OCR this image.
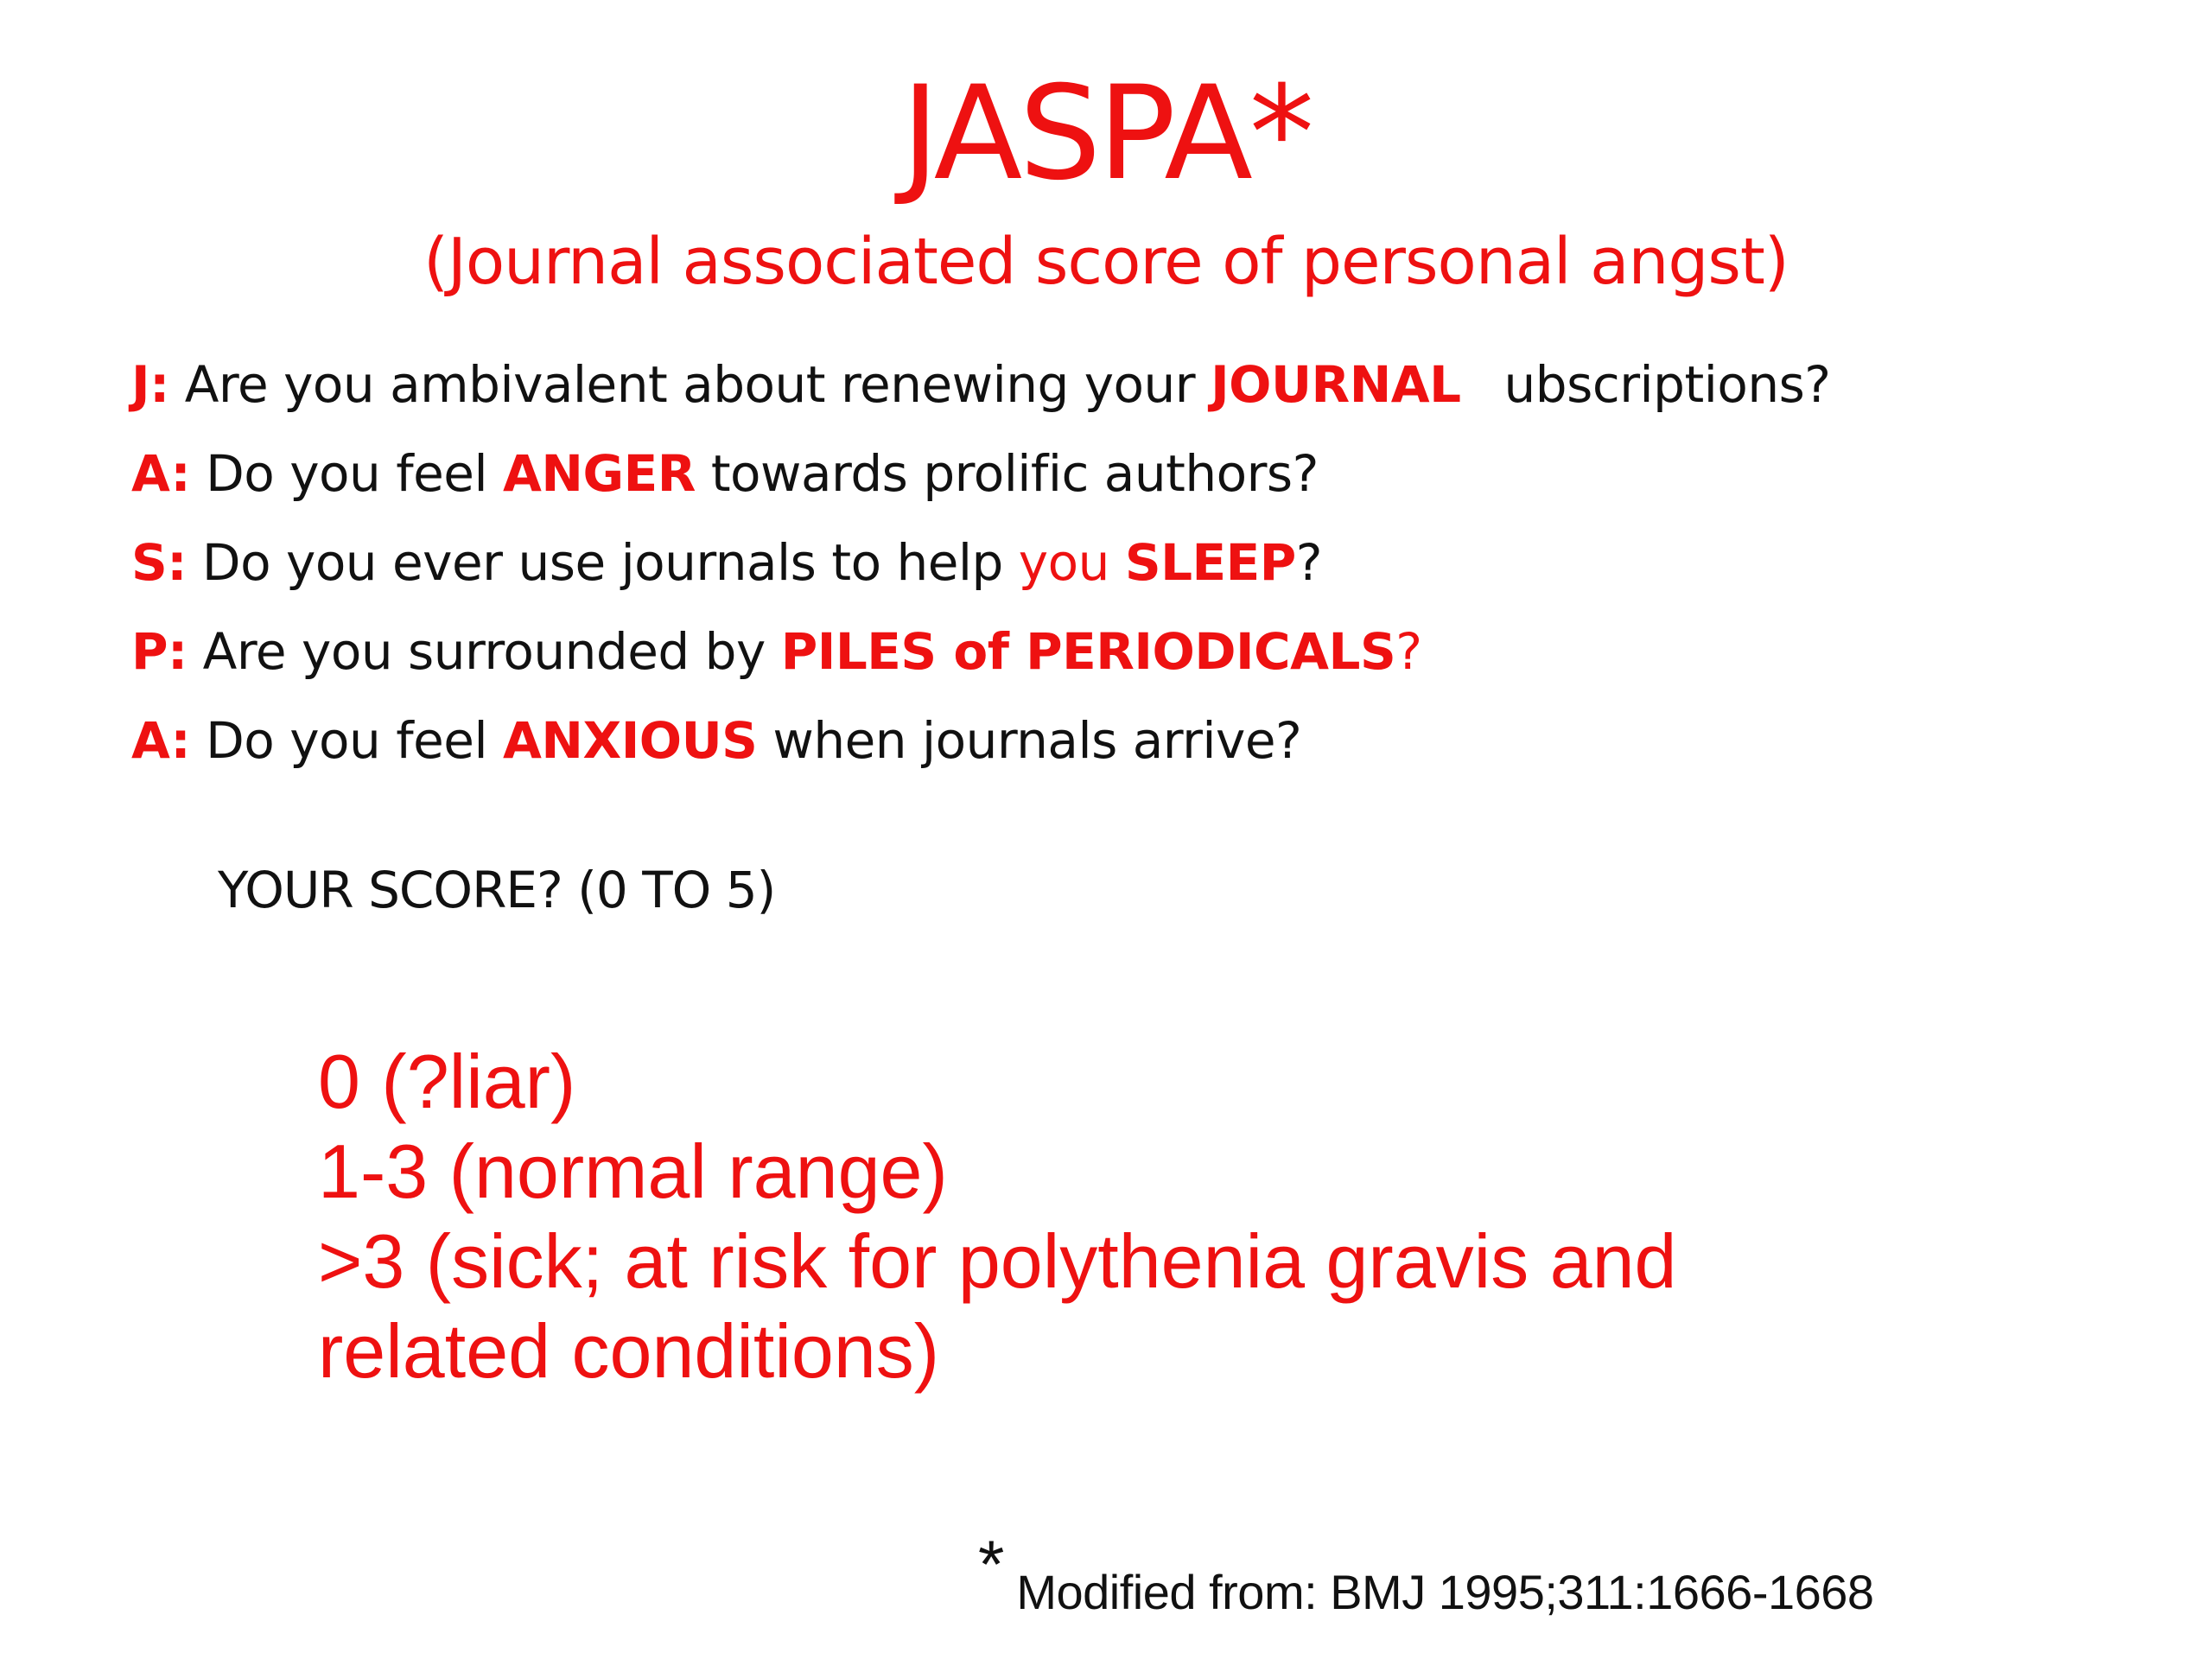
JASPA*
(Journal associated score of personal angst)
J: Are you ambivalent about renewing your JOURNAL ubscriptions?
A: Do you feel ANGER towards prolific authors?
S: Do you ever use journals to help you SLEEP?
P: Are you surrounded by PILES of PERIODICALS?
A: Do you feel ANXIOUS when journals arrive?
YOUR SCORE? (0 TO 5)
0 (?liar)
1-3 (normal range)
>3 (sick; at risk for polythenia gravis and
related conditions)
* Modified from: BMJ 1995;311:1666-1668
